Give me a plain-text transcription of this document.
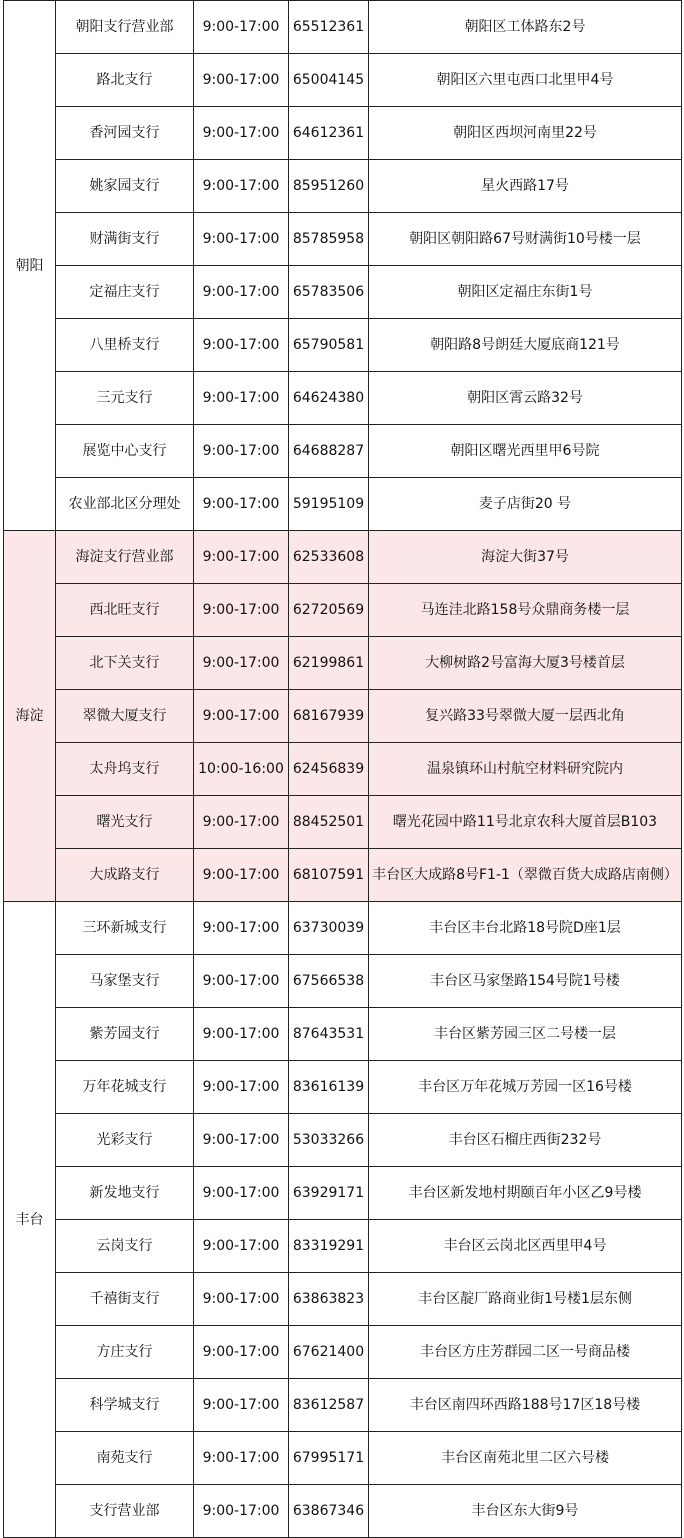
朝阳	朝阳支行营业部	9:00-17:00	65512361	朝阳区工体路东2号
	路北支行	9:00-17:00	65004145	朝阳区六里屯西口北里甲4号
	香河园支行	9:00-17:00	64612361	朝阳区西坝河南里22号
	姚家园支行	9:00-17:00	85951260	星火西路17号
	财满街支行	9:00-17:00	85785958	朝阳区朝阳路67号财满街10号楼一层
	定福庄支行	9:00-17:00	65783506	朝阳区定福庄东街1号
	八里桥支行	9:00-17:00	65790581	朝阳路8号朗廷大厦底商121号
	三元支行	9:00-17:00	64624380	朝阳区霄云路32号
	展览中心支行	9:00-17:00	64688287	朝阳区曙光西里甲6号院
	农业部北区分理处	9:00-17:00	59195109	麦子店街20 号
海淀	海淀支行营业部	9:00-17:00	62533608	海淀大街37号
	西北旺支行	9:00-17:00	62720569	马连洼北路158号众鼎商务楼一层
	北下关支行	9:00-17:00	62199861	大柳树路2号富海大厦3号楼首层
	翠微大厦支行	9:00-17:00	68167939	复兴路33号翠微大厦一层西北角
	太舟坞支行	10:00-16:00	62456839	温泉镇环山村航空材料研究院内
	曙光支行	9:00-17:00	88452501	曙光花园中路11号北京农科大厦首层B103
	大成路支行	9:00-17:00	68107591	丰台区大成路8号F1-1（翠微百货大成路店南侧）
丰台	三环新城支行	9:00-17:00	63730039	丰台区丰台北路18号院D座1层
	马家堡支行	9:00-17:00	67566538	丰台区马家堡路154号院1号楼
	紫芳园支行	9:00-17:00	87643531	丰台区紫芳园三区二号楼一层
	万年花城支行	9:00-17:00	83616139	丰台区万年花城万芳园一区16号楼
	光彩支行	9:00-17:00	53033266	丰台区石榴庄西街232号
	新发地支行	9:00-17:00	63929171	丰台区新发地村期颐百年小区乙9号楼
	云岗支行	9:00-17:00	83319291	丰台区云岗北区西里甲4号
	千禧街支行	9:00-17:00	63863823	丰台区靛厂路商业街1号楼1层东侧
	方庄支行	9:00-17:00	67621400	丰台区方庄芳群园二区一号商品楼
	科学城支行	9:00-17:00	83612587	丰台区南四环西路188号17区18号楼
	南苑支行	9:00-17:00	67995171	丰台区南苑北里二区六号楼
	支行营业部	9:00-17:00	63867346	丰台区东大街9号
